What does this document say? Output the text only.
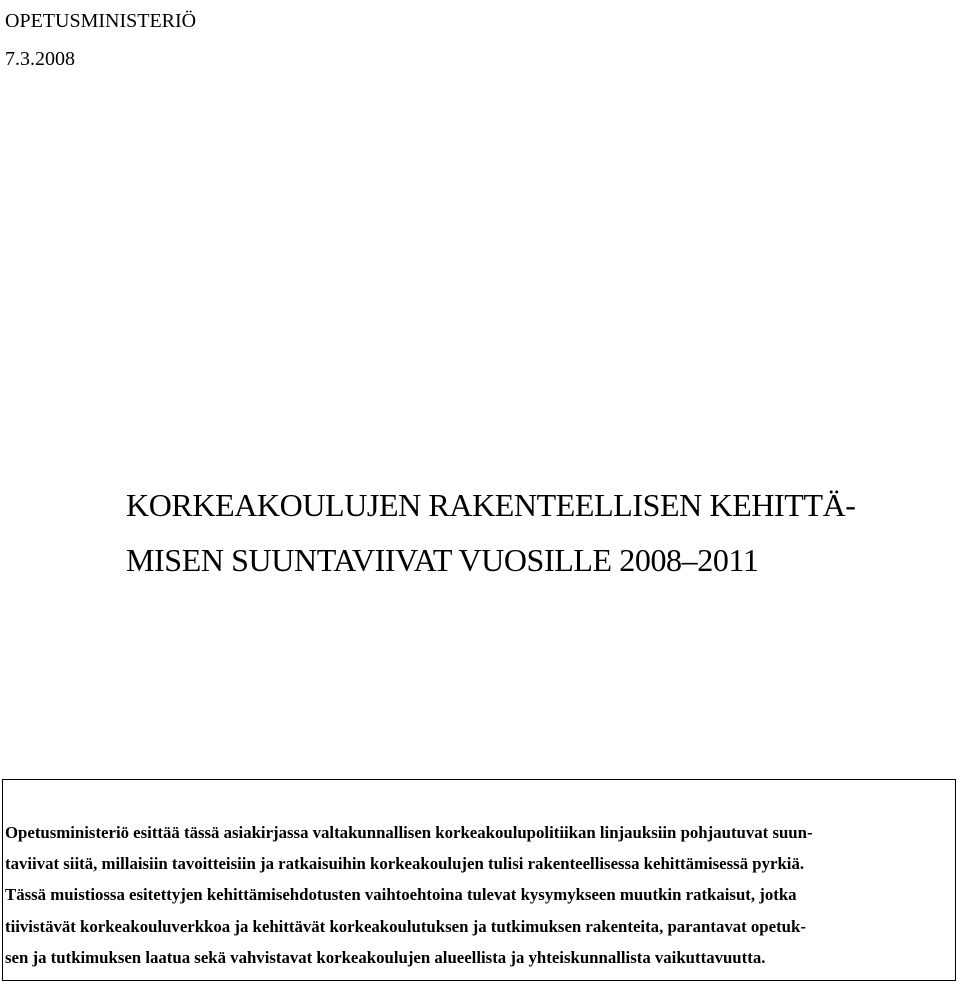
OPETUSMINISTERIÖ
7.3.2008
KORKEAKOULUJEN RAKENTEELLISEN KEHITTÄ-
MISEN SUUNTAVIIVAT VUOSILLE 2008–2011
Opetusministeriö esittää tässä asiakirjassa valtakunnallisen korkeakoulupolitiikan linjauksiin pohjautuvat suun-
taviivat siitä, millaisiin tavoitteisiin ja ratkaisuihin korkeakoulujen tulisi rakenteellisessa kehittämisessä pyrkiä.
Tässä muistiossa esitettyjen kehittämisehdotusten vaihtoehtoina tulevat kysymykseen muutkin ratkaisut, jotka
tiivistävät korkeakouluverkkoa ja kehittävät korkeakoulutuksen ja tutkimuksen rakenteita, parantavat opetuk-
sen ja tutkimuksen laatua sekä vahvistavat korkeakoulujen alueellista ja yhteiskunnallista vaikuttavuutta.
